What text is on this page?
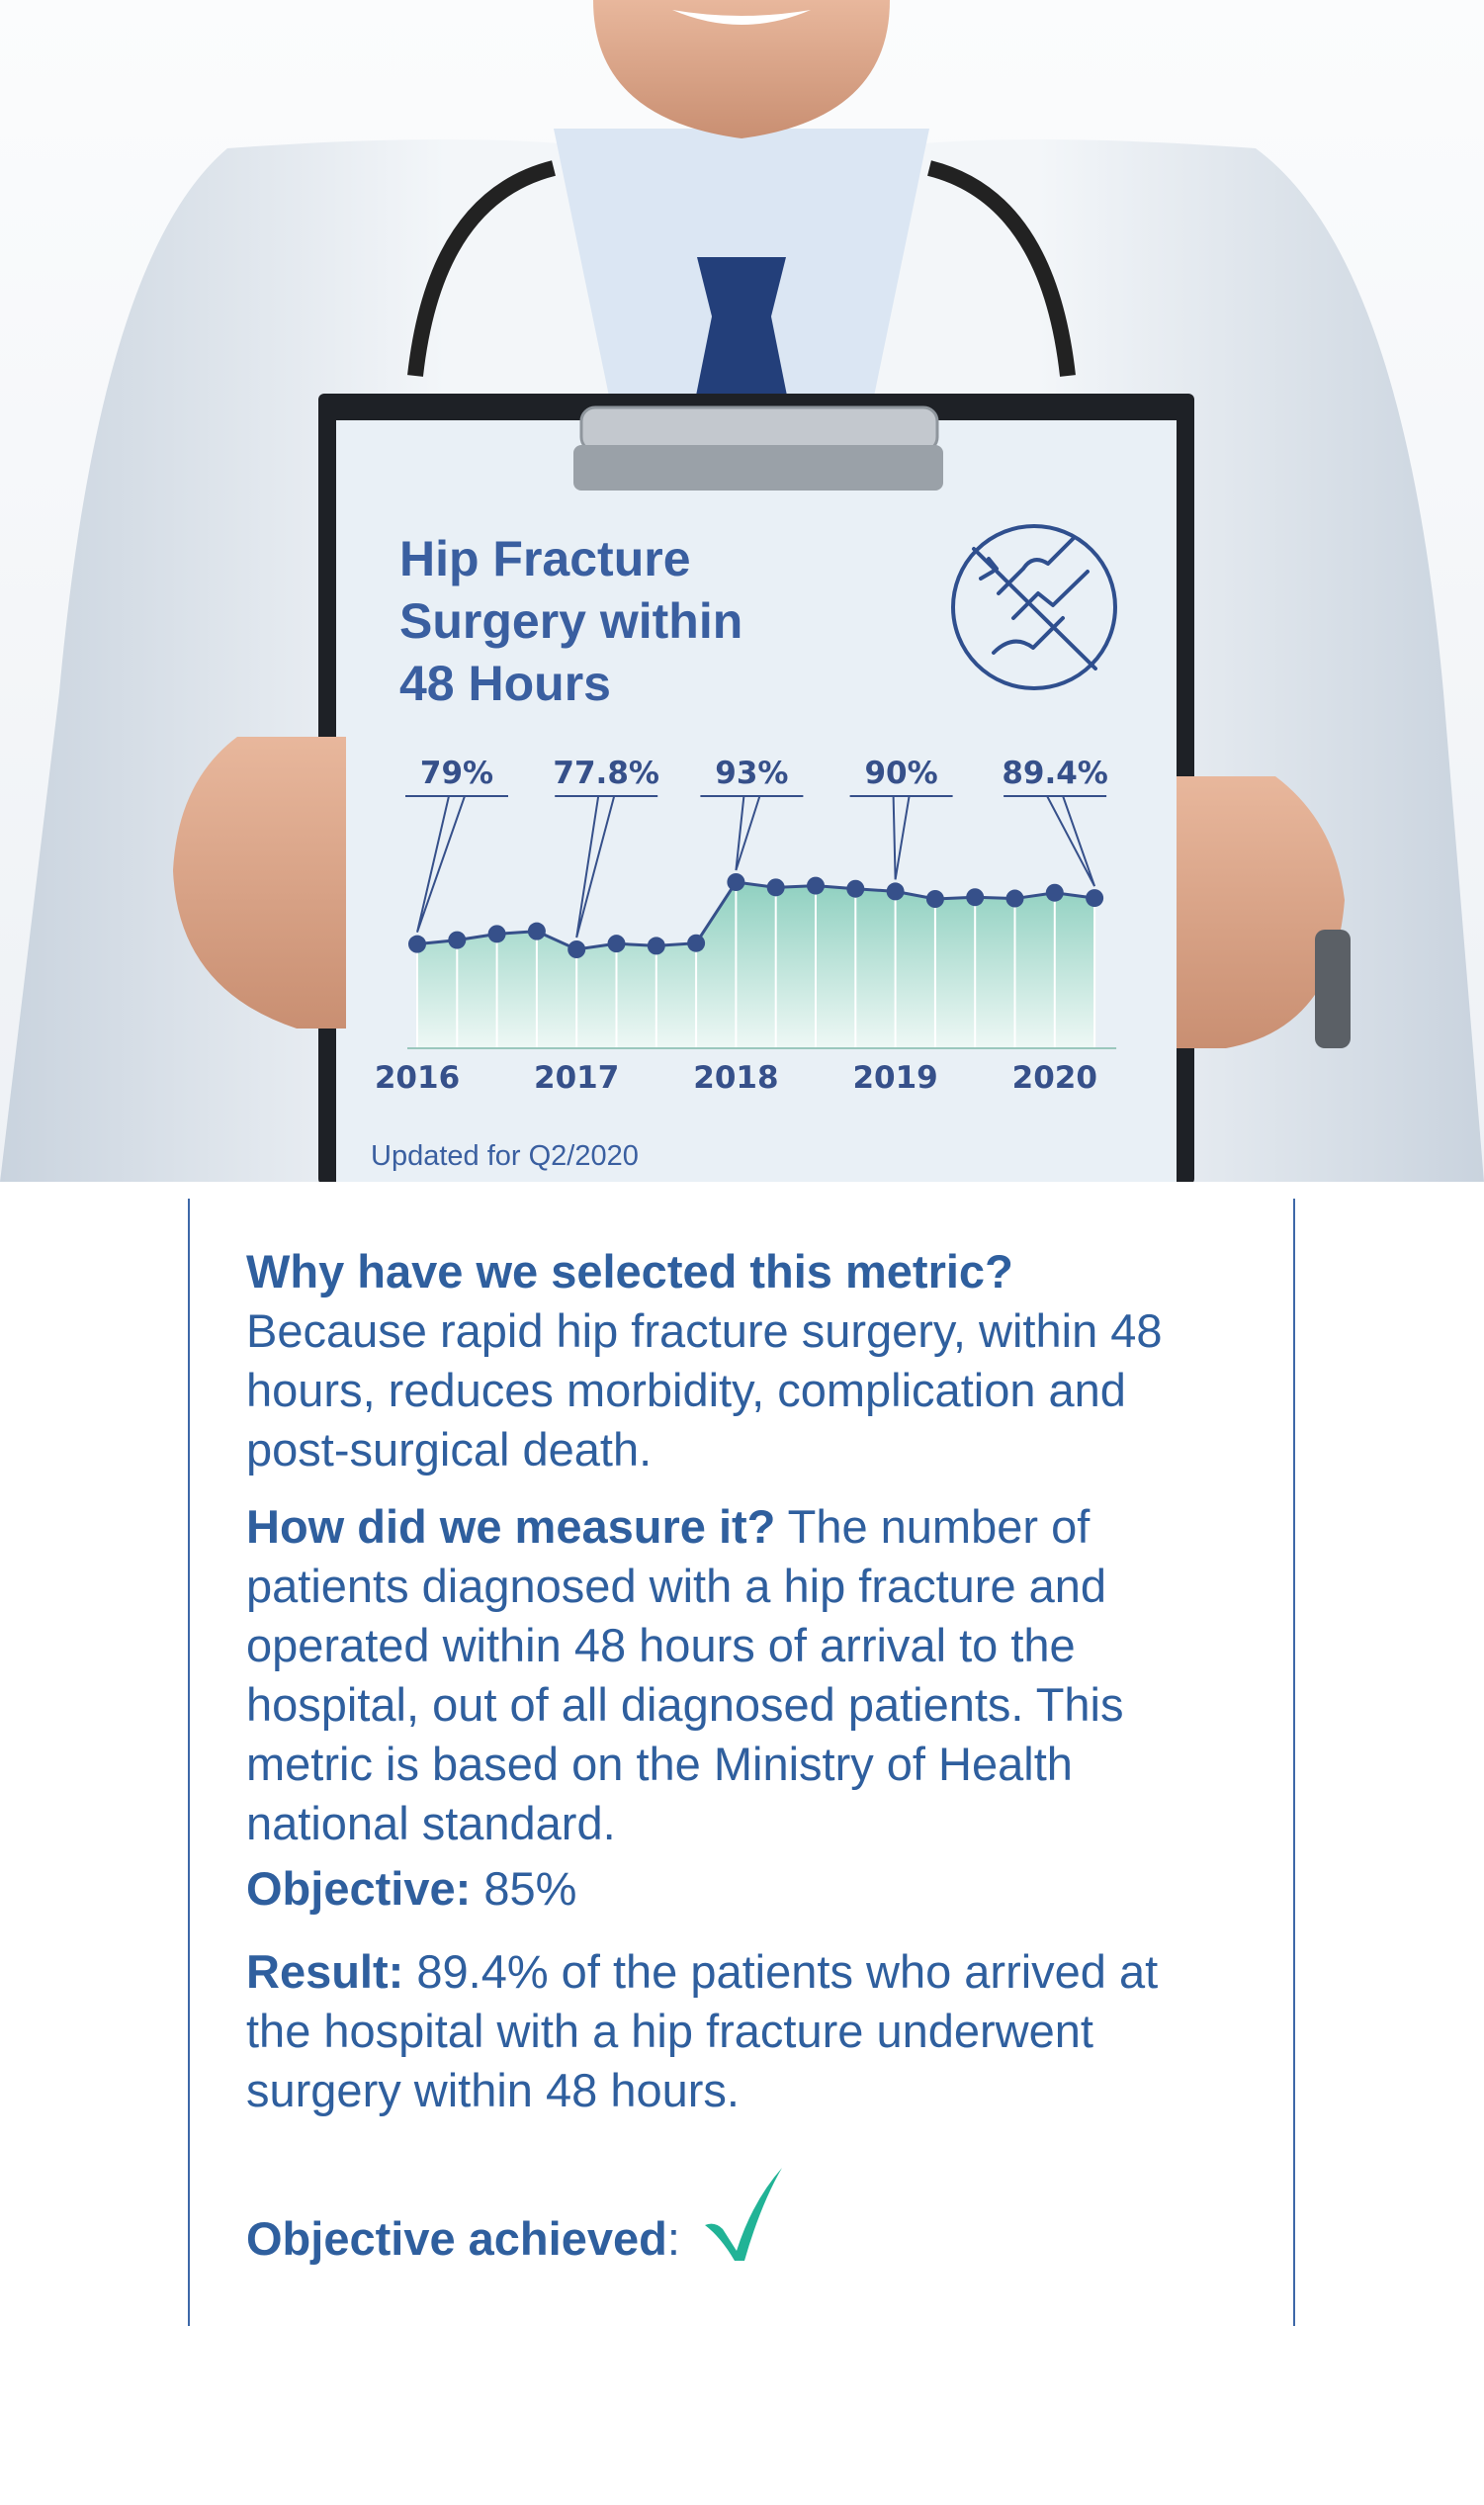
Hip Fracture
Surgery within
48 Hours
2016 2017 2018 2019 2020
79% 77.8% 93% 90% 89.4%
Updated for Q2/2020
Why have we selected this metric?
Because rapid hip fracture surgery, within 48 hours, reduces morbidity, complication and post-surgical death.
How did we measure it? The number of patients diagnosed with a hip fracture and operated within 48 hours of arrival to the hospital, out of all diagnosed patients. This metric is based on the Ministry of Health national standard.
Objective: 85%
Result: 89.4% of the patients who arrived at the hospital with a hip fracture underwent surgery within 48 hours.
Objective achieved:
